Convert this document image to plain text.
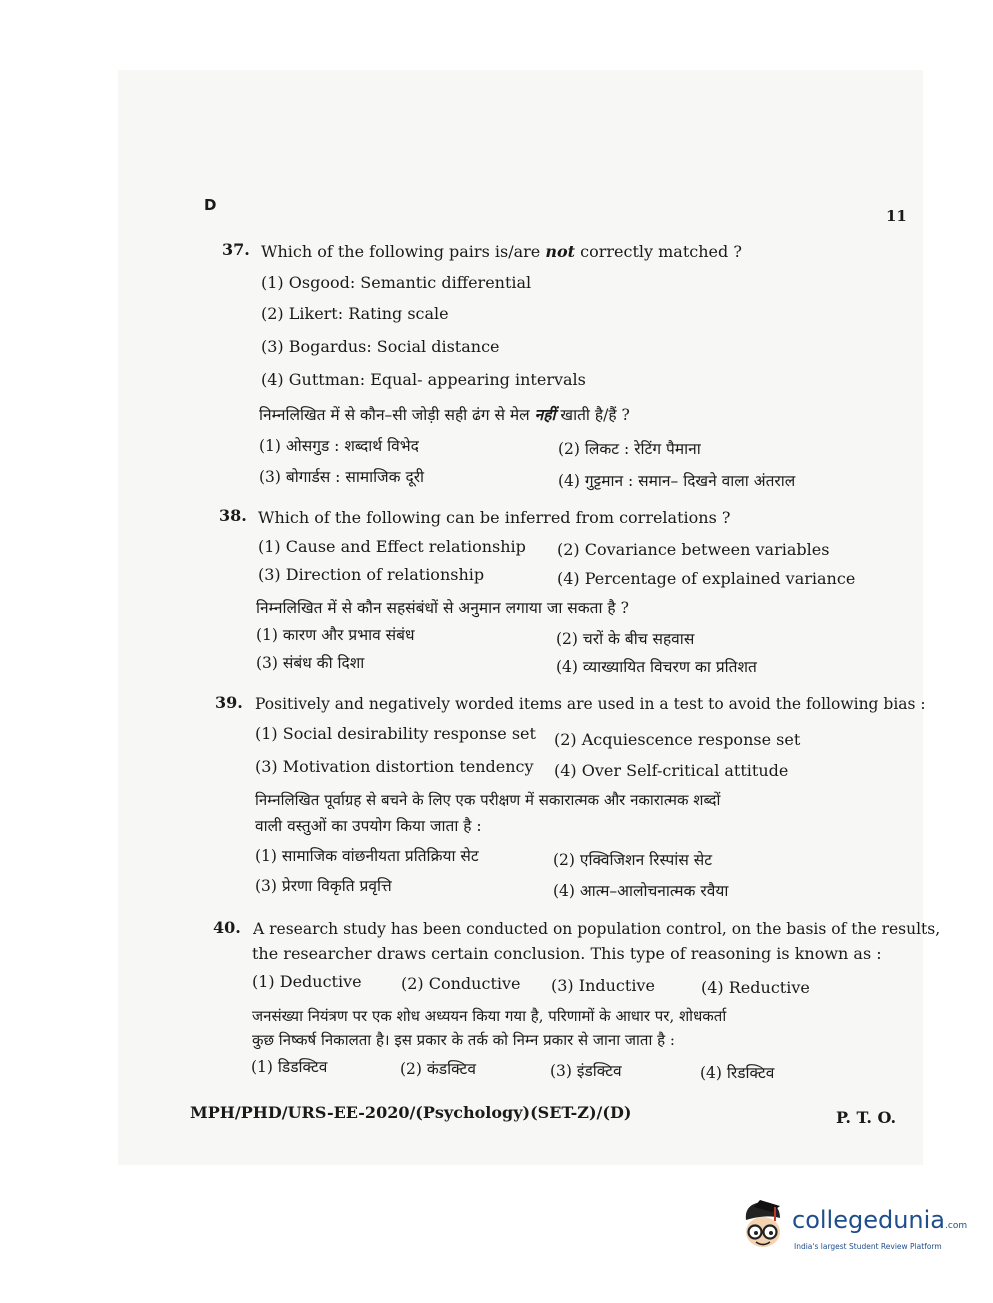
D
11
37. Which of the following pairs is/are not correctly matched ?
(1) Osgood: Semantic differential
(2) Likert: Rating scale
(3) Bogardus: Social distance
(4) Guttman: Equal- appearing intervals
निम्नलिखित में से कौन–सी जोड़ी सही ढंग से मेल नहीं खाती है/हैं ?
(1) ओसगुड : शब्दार्थ विभेद	(2) लिकट : रेटिंग पैमाना
(3) बोगार्डस : सामाजिक दूरी	(4) गुट्टमान : समान– दिखने वाला अंतराल
38. Which of the following can be inferred from correlations ?
(1) Cause and Effect relationship (2) Covariance between variables
(3) Direction of relationship	(4) Percentage of explained variance
निम्नलिखित में से कौन सहसंबंधों से अनुमान लगाया जा सकता है ?
(1) कारण और प्रभाव संबंध	(2) चरों के बीच सहवास
(3) संबंध की दिशा	(4) व्याख्यायित विचरण का प्रतिशत
39. Positively and negatively worded items are used in a test to avoid the following bias :
(1) Social desirability response set (2) Acquiescence response set
(3) Motivation distortion tendency (4) Over Self-critical attitude
निम्नलिखित पूर्वाग्रह से बचने के लिए एक परीक्षण में सकारात्मक और नकारात्मक शब्दों
वाली वस्तुओं का उपयोग किया जाता है :
(1) सामाजिक वांछनीयता प्रतिक्रिया सेट	(2) एक्विजिशन रिस्पांस सेट
(3) प्रेरणा विकृति प्रवृत्ति	(4) आत्म–आलोचनात्मक रवैया
40. A research study has been conducted on population control, on the basis of the results,
the researcher draws certain conclusion. This type of reasoning is known as :
(1) Deductive (2) Conductive (3) Inductive	(4) Reductive
जनसंख्या नियंत्रण पर एक शोध अध्ययन किया गया है, परिणामों के आधार पर, शोधकर्ता
कुछ निष्कर्ष निकालता है। इस प्रकार के तर्क को निम्न प्रकार से जाना जाता है :
(1) डिडक्टिव	(2) कंडक्टिव	(3) इंडक्टिव	(4) रिडक्टिव
MPH/PHD/URS-EE-2020/(Psychology)(SET-Z)/(D)	P. T. O.
collegedunia.com
India's largest Student Review Platform
